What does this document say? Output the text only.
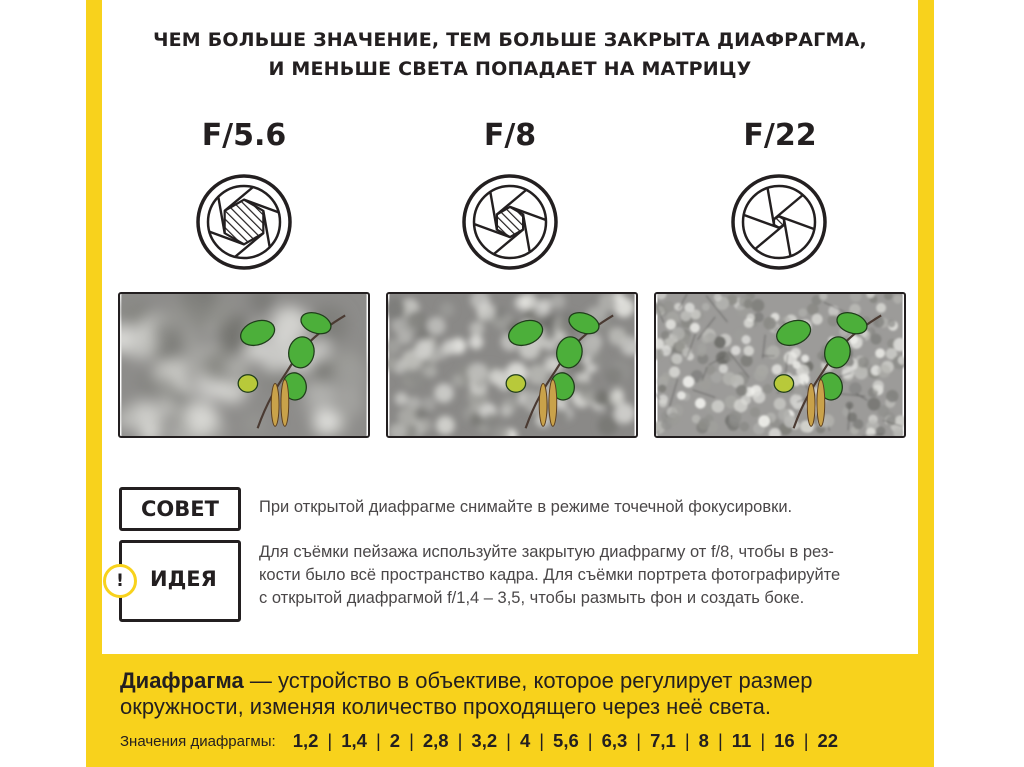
ЧЕМ БОЛЬШЕ ЗНАЧЕНИЕ, ТЕМ БОЛЬШЕ ЗАКРЫТА ДИАФРАГМА,
И МЕНЬШЕ СВЕТА ПОПАДАЕТ НА МАТРИЦУ
F/5.6	F/8	F/22
СОВЕТ	При открытой диафрагме снимайте в режиме точечной фокусировки.
ИДЕЯ
!
Для съёмки пейзажа используйте закрытую диафрагму от f/8, чтобы в рез-
кости было всё пространство кадра. Для съёмки портрета фотографируйте
с открытой диафрагмой f/1,4 – 3,5, чтобы размыть фон и создать боке.
Диафрагма — устройство в объективе, которое регулирует размер
окружности, изменяя количество проходящего через неё света.
Значения диафрагмы: 1,2 | 1,4 | 2 | 2,8 | 3,2 | 4 | 5,6 | 6,3 | 7,1 | 8 | 11 | 16 | 22
